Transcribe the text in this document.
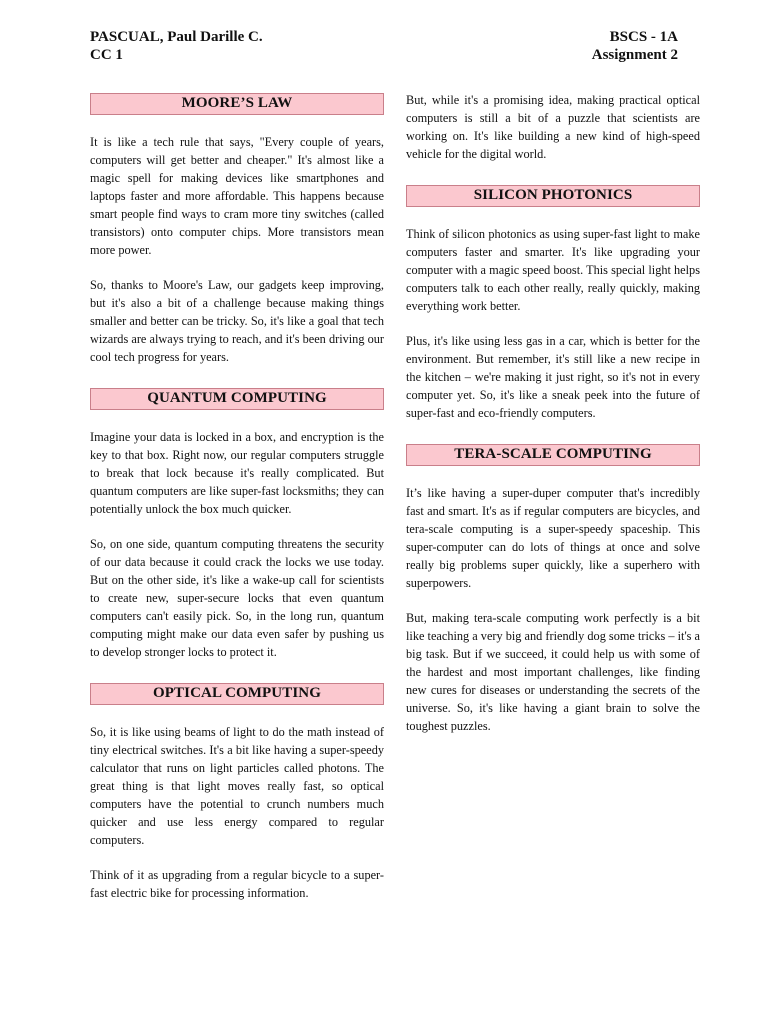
PASCUAL, Paul Darille C.	BSCS - 1A
CC 1	Assignment 2
MOORE’S LAW

It is like a tech rule that says, "Every couple of years, computers will get better and cheaper." It's almost like a magic spell for making devices like smartphones and laptops faster and more affordable. This happens because smart people find ways to cram more tiny switches (called transistors) onto computer chips. More transistors mean more power.

So, thanks to Moore's Law, our gadgets keep improving, but it's also a bit of a challenge because making things smaller and better can be tricky. So, it's like a goal that tech wizards are always trying to reach, and it's been driving our cool tech progress for years.

QUANTUM COMPUTING

Imagine your data is locked in a box, and encryption is the key to that box. Right now, our regular computers struggle to break that lock because it's really complicated. But quantum computers are like super-fast locksmiths; they can potentially unlock the box much quicker.

So, on one side, quantum computing threatens the security of our data because it could crack the locks we use today. But on the other side, it's like a wake-up call for scientists to create new, super-secure locks that even quantum computers can't easily pick. So, in the long run, quantum computing might make our data even safer by pushing us to develop stronger locks to protect it.

OPTICAL COMPUTING

So, it is like using beams of light to do the math instead of tiny electrical switches. It's a bit like having a super-speedy calculator that runs on light particles called photons. The great thing is that light moves really fast, so optical computers have the potential to crunch numbers much quicker and use less energy compared to regular computers.

Think of it as upgrading from a regular bicycle to a super-fast electric bike for processing information.

But, while it's a promising idea, making practical optical computers is still a bit of a puzzle that scientists are working on. It's like building a new kind of high-speed vehicle for the digital world.

SILICON PHOTONICS

Think of silicon photonics as using super-fast light to make computers faster and smarter. It's like upgrading your computer with a magic speed boost. This special light helps computers talk to each other really, really quickly, making everything work better.

Plus, it's like using less gas in a car, which is better for the environment. But remember, it's still like a new recipe in the kitchen – we're making it just right, so it's not in every computer yet. So, it's like a sneak peek into the future of super-fast and eco-friendly computers.

TERA-SCALE COMPUTING

It’s like having a super-duper computer that's incredibly fast and smart. It's as if regular computers are bicycles, and tera-scale computing is a super-speedy spaceship. This super-computer can do lots of things at once and solve really big problems super quickly, like a superhero with superpowers.

But, making tera-scale computing work perfectly is a bit like teaching a very big and friendly dog some tricks – it's a big task. But if we succeed, it could help us with some of the hardest and most important challenges, like finding new cures for diseases or understanding the secrets of the universe. So, it's like having a giant brain to solve the toughest puzzles.
